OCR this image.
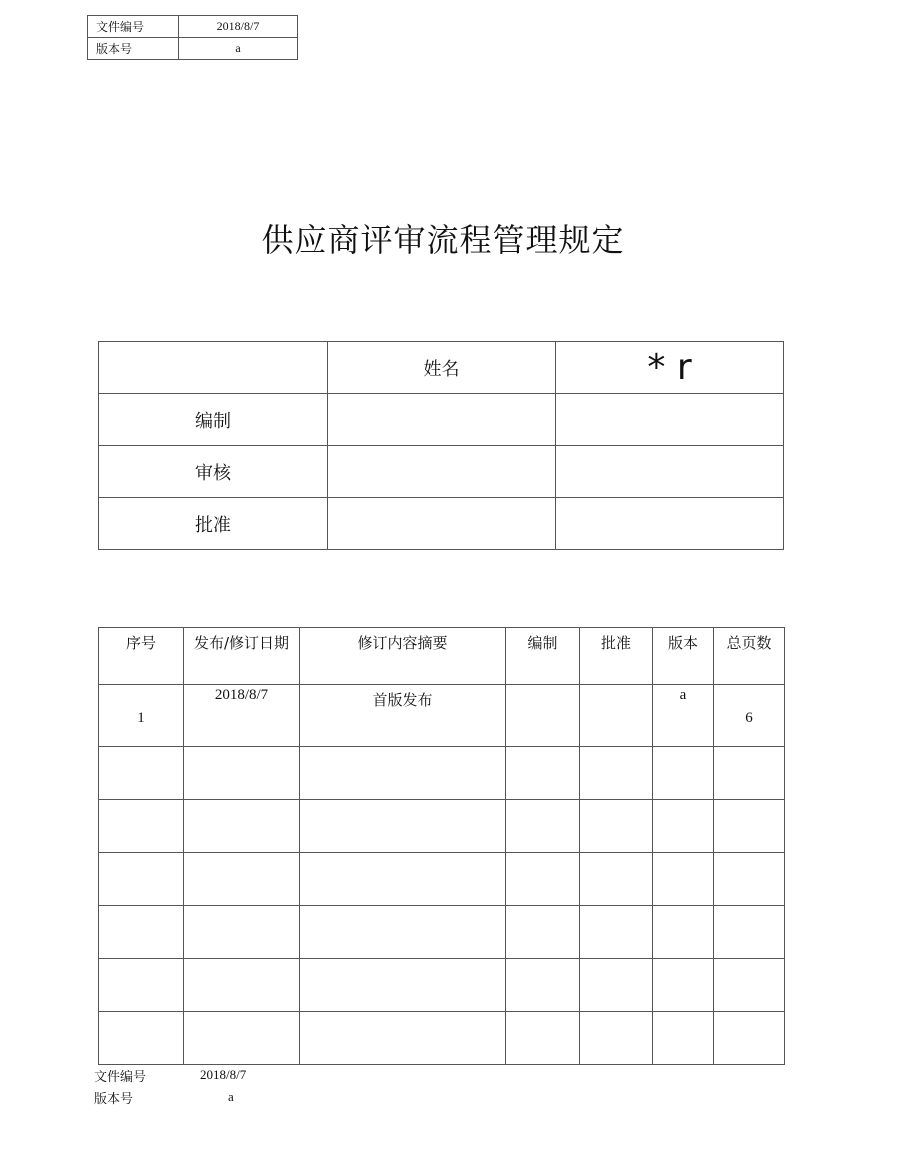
文件编号	2018/8/7
版本号	a
供应商评审流程管理规定
	姓名	* r
编制		
审核		
批准		
序号	发布/修订日期	修订内容摘要	编制	批准	版本	总页数
1	2018/8/7	首版发布			a	6

文件编号	2018/8/7
版本号	a
